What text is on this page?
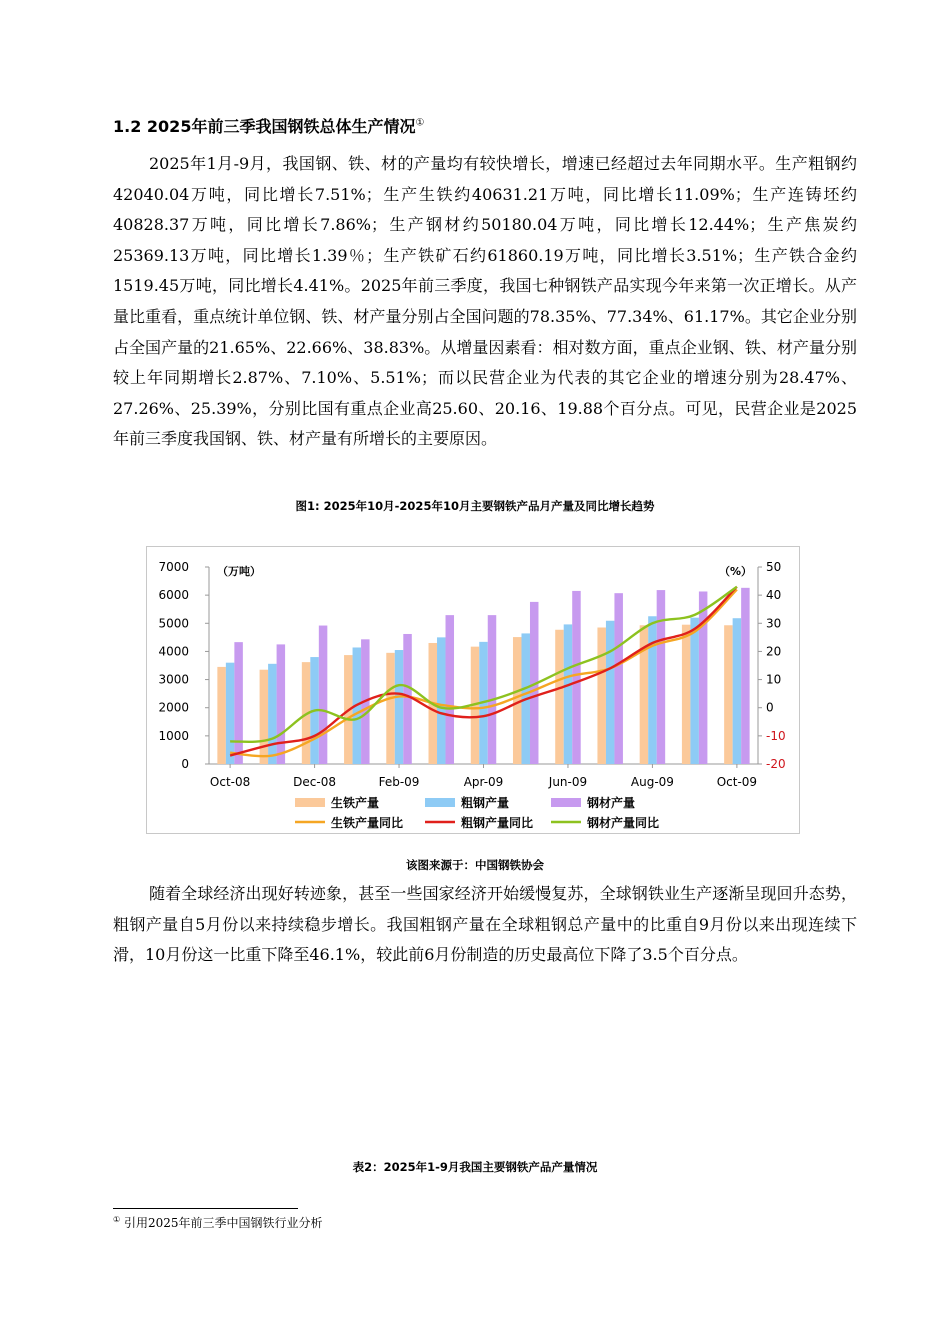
1.2 2025年前三季我国钢铁总体生产情况①
2025年1月-9月，我国钢、铁、材的产量均有较快增长，增速已经超过去年同期水平。生产粗钢约42040.04万吨，同比增长7.51%；生产生铁约40631.21万吨，同比增长11.09%；生产连铸坯约40828.37万吨，同比增长7.86%；生产钢材约50180.04万吨，同比增长12.44%；生产焦炭约25369.13万吨，同比增长1.39％；生产铁矿石约61860.19万吨，同比增长3.51%；生产铁合金约1519.45万吨，同比增长4.41%。2025年前三季度，我国七种钢铁产品实现今年来第一次正增长。从产量比重看，重点统计单位钢、铁、材产量分别占全国问题的78.35%、77.34%、61.17%。其它企业分别占全国产量的21.65%、22.66%、38.83%。从增量因素看：相对数方面，重点企业钢、铁、材产量分别较上年同期增长2.87%、7.10%、5.51%；而以民营企业为代表的其它企业的增速分别为28.47%、27.26%、25.39%，分别比国有重点企业高25.60、20.16、19.88个百分点。可见，民营企业是2025年前三季度我国钢、铁、材产量有所增长的主要原因。
图1: 2025年10月-2025年10月主要钢铁产品月产量及同比增长趋势
7000
6000
5000
4000
3000
2000
1000
0
50
40
30
20
10
0
-10
-20
（万吨）	（%）
Oct-08	Dec-08	Feb-09	Apr-09	Jun-09	Aug-09	Oct-09
生铁产量	粗钢产量	钢材产量
生铁产量同比	粗钢产量同比	钢材产量同比
该图来源于：中国钢铁协会
随着全球经济出现好转迹象，甚至一些国家经济开始缓慢复苏，全球钢铁业生产逐渐呈现回升态势，粗钢产量自5月份以来持续稳步增长。我国粗钢产量在全球粗钢总产量中的比重自9月份以来出现连续下滑，10月份这一比重下降至46.1%，较此前6月份制造的历史最高位下降了3.5个百分点。
表2：2025年1-9月我国主要钢铁产品产量情况
① 引用2025年前三季中国钢铁行业分析
